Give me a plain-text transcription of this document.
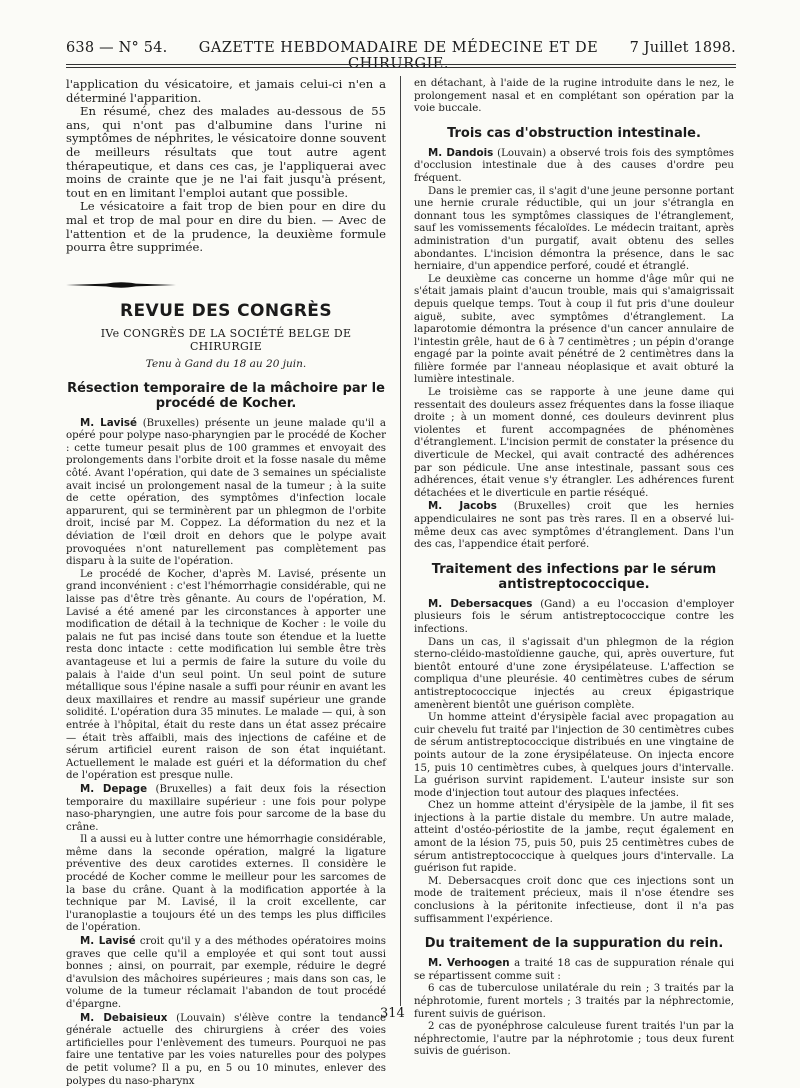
638 — N° 54.	GAZETTE HEBDOMADAIRE DE MÉDECINE ET DE CHIRURGIE.
7 Juillet 1898.

l'application du vésicatoire, et jamais celui-ci n'en a déterminé l'apparition.

En résumé, chez des malades au-dessous de 55 ans, qui n'ont pas d'albumine dans l'urine ni symptômes de néphrites, le vésicatoire donne souvent de meilleurs résultats que tout autre agent thérapeutique, et dans ces cas, je l'appliquerai avec moins de crainte que je ne l'ai fait jusqu'à présent, tout en en limitant l'emploi autant que possible.

Le vésicatoire a fait trop de bien pour en dire du mal et trop de mal pour en dire du bien. — Avec de l'attention et de la prudence, la deuxième formule pourra être supprimée.

REVUE DES CONGRÈS
IVe CONGRÈS DE LA SOCIÉTÉ BELGE DE CHIRURGIE
Tenu à Gand du 18 au 20 juin.
Résection temporaire de la mâchoire par le procédé de Kocher.

M. Lavisé (Bruxelles) présente un jeune malade qu'il a opéré pour polype naso-pharyngien par le procédé de Kocher : cette tumeur pesait plus de 100 grammes et envoyait des prolongements dans l'orbite droit et la fosse nasale du même côté. Avant l'opération, qui date de 3 semaines un spécialiste avait incisé un prolongement nasal de la tumeur ; à la suite de cette opération, des symptômes d'infection locale apparurent, qui se terminèrent par un phlegmon de l'orbite droit, incisé par M. Coppez. La déformation du nez et la déviation de l'œil droit en dehors que le polype avait provoquées n'ont naturellement pas complètement pas disparu à la suite de l'opération.

Le procédé de Kocher, d'après M. Lavisé, présente un grand inconvénient : c'est l'hémorrhagie considérable, qui ne laisse pas d'être très gênante. Au cours de l'opération, M. Lavisé a été amené par les circonstances à apporter une modification de détail à la technique de Kocher : le voile du palais ne fut pas incisé dans toute son étendue et la luette resta donc intacte : cette modification lui semble être très avantageuse et lui a permis de faire la suture du voile du palais à l'aide d'un seul point. Un seul point de suture métallique sous l'épine nasale a suffi pour réunir en avant les deux maxillaires et rendre au massif supérieur une grande solidité. L'opération dura 35 minutes. Le malade — qui, à son entrée à l'hôpital, était du reste dans un état assez précaire — était très affaibli, mais des injections de caféine et de sérum artificiel eurent raison de son état inquiétant. Actuellement le malade est guéri et la déformation du chef de l'opération est presque nulle.

M. Depage (Bruxelles) a fait deux fois la résection temporaire du maxillaire supérieur : une fois pour polype naso-pharyngien, une autre fois pour sarcome de la base du crâne.

Il a aussi eu à lutter contre une hémorrhagie considérable, même dans la seconde opération, malgré la ligature préventive des deux carotides externes. Il considère le procédé de Kocher comme le meilleur pour les sarcomes de la base du crâne. Quant à la modification apportée à la technique par M. Lavisé, il la croit excellente, car l'uranoplastie a toujours été un des temps les plus difficiles de l'opération.

M. Lavisé croit qu'il y a des méthodes opératoires moins graves que celle qu'il a employée et qui sont tout aussi bonnes ; ainsi, on pourrait, par exemple, réduire le degré d'avulsion des mâchoires supérieures ; mais dans son cas, le volume de la tumeur réclamait l'abandon de tout procédé d'épargne.

M. Debaisieux (Louvain) s'élève contre la tendance générale actuelle des chirurgiens à créer des voies artificielles pour l'enlèvement des tumeurs. Pourquoi ne pas faire une tentative par les voies naturelles pour des polypes de petit volume? Il a pu, en 5 ou 10 minutes, enlever des polypes du naso-pharynx

en détachant, à l'aide de la rugine introduite dans le nez, le prolongement nasal et en complétant son opération par la voie buccale.

Trois cas d'obstruction intestinale.

M. Dandois (Louvain) a observé trois fois des symptômes d'occlusion intestinale due à des causes d'ordre peu fréquent.

Dans le premier cas, il s'agit d'une jeune personne portant une hernie crurale réductible, qui un jour s'étrangla en donnant tous les symptômes classiques de l'étranglement, sauf les vomissements fécaloïdes. Le médecin traitant, après administration d'un purgatif, avait obtenu des selles abondantes. L'incision démontra la présence, dans le sac herniaire, d'un appendice perforé, coudé et étranglé.

Le deuxième cas concerne un homme d'âge mûr qui ne s'était jamais plaint d'aucun trouble, mais qui s'amaigrissait depuis quelque temps. Tout à coup il fut pris d'une douleur aiguë, subite, avec symptômes d'étranglement. La laparotomie démontra la présence d'un cancer annulaire de l'intestin grêle, haut de 6 à 7 centimètres ; un pépin d'orange engagé par la pointe avait pénétré de 2 centimètres dans la filière formée par l'anneau néoplasique et avait obturé la lumière intestinale.

Le troisième cas se rapporte à une jeune dame qui ressentait des douleurs assez fréquentes dans la fosse iliaque droite ; à un moment donné, ces douleurs devinrent plus violentes et furent accompagnées de phénomènes d'étranglement. L'incision permit de constater la présence du diverticule de Meckel, qui avait contracté des adhérences par son pédicule. Une anse intestinale, passant sous ces adhérences, était venue s'y étrangler. Les adhérences furent détachées et le diverticule en partie réséqué.

M. Jacobs (Bruxelles) croit que les hernies appendiculaires ne sont pas très rares. Il en a observé lui-même deux cas avec symptômes d'étranglement. Dans l'un des cas, l'appendice était perforé.

Traitement des infections par le sérum antistreptococcique.

M. Debersacques (Gand) a eu l'occasion d'employer plusieurs fois le sérum antistreptococcique contre les infections.

Dans un cas, il s'agissait d'un phlegmon de la région sterno-cléido-mastoïdienne gauche, qui, après ouverture, fut bientôt entouré d'une zone érysipélateuse. L'affection se compliqua d'une pleurésie. 40 centimètres cubes de sérum antistreptococcique injectés au creux épigastrique amenèrent bientôt une guérison complète.

Un homme atteint d'érysipèle facial avec propagation au cuir chevelu fut traité par l'injection de 30 centimètres cubes de sérum antistreptococcique distribués en une vingtaine de points autour de la zone érysipélateuse. On injecta encore 15, puis 10 centimètres cubes, à quelques jours d'intervalle. La guérison survint rapidement. L'auteur insiste sur son mode d'injection tout autour des plaques infectées.

Chez un homme atteint d'érysipèle de la jambe, il fit ses injections à la partie distale du membre. Un autre malade, atteint d'ostéo-périostite de la jambe, reçut également en amont de la lésion 75, puis 50, puis 25 centimètres cubes de sérum antistreptococcique à quelques jours d'intervalle. La guérison fut rapide.

M. Debersacques croit donc que ces injections sont un mode de traitement précieux, mais il n'ose étendre ses conclusions à la péritonite infectieuse, dont il n'a pas suffisamment l'expérience.

Du traitement de la suppuration du rein.

M. Verhoogen a traité 18 cas de suppuration rénale qui se répartissent comme suit :

6 cas de tuberculose unilatérale du rein ; 3 traités par la néphrotomie, furent mortels ; 3 traités par la néphrectomie, furent suivis de guérison.

2 cas de pyonéphrose calculeuse furent traités l'un par la néphrectomie, l'autre par la néphrotomie ; tous deux furent suivis de guérison.

314
